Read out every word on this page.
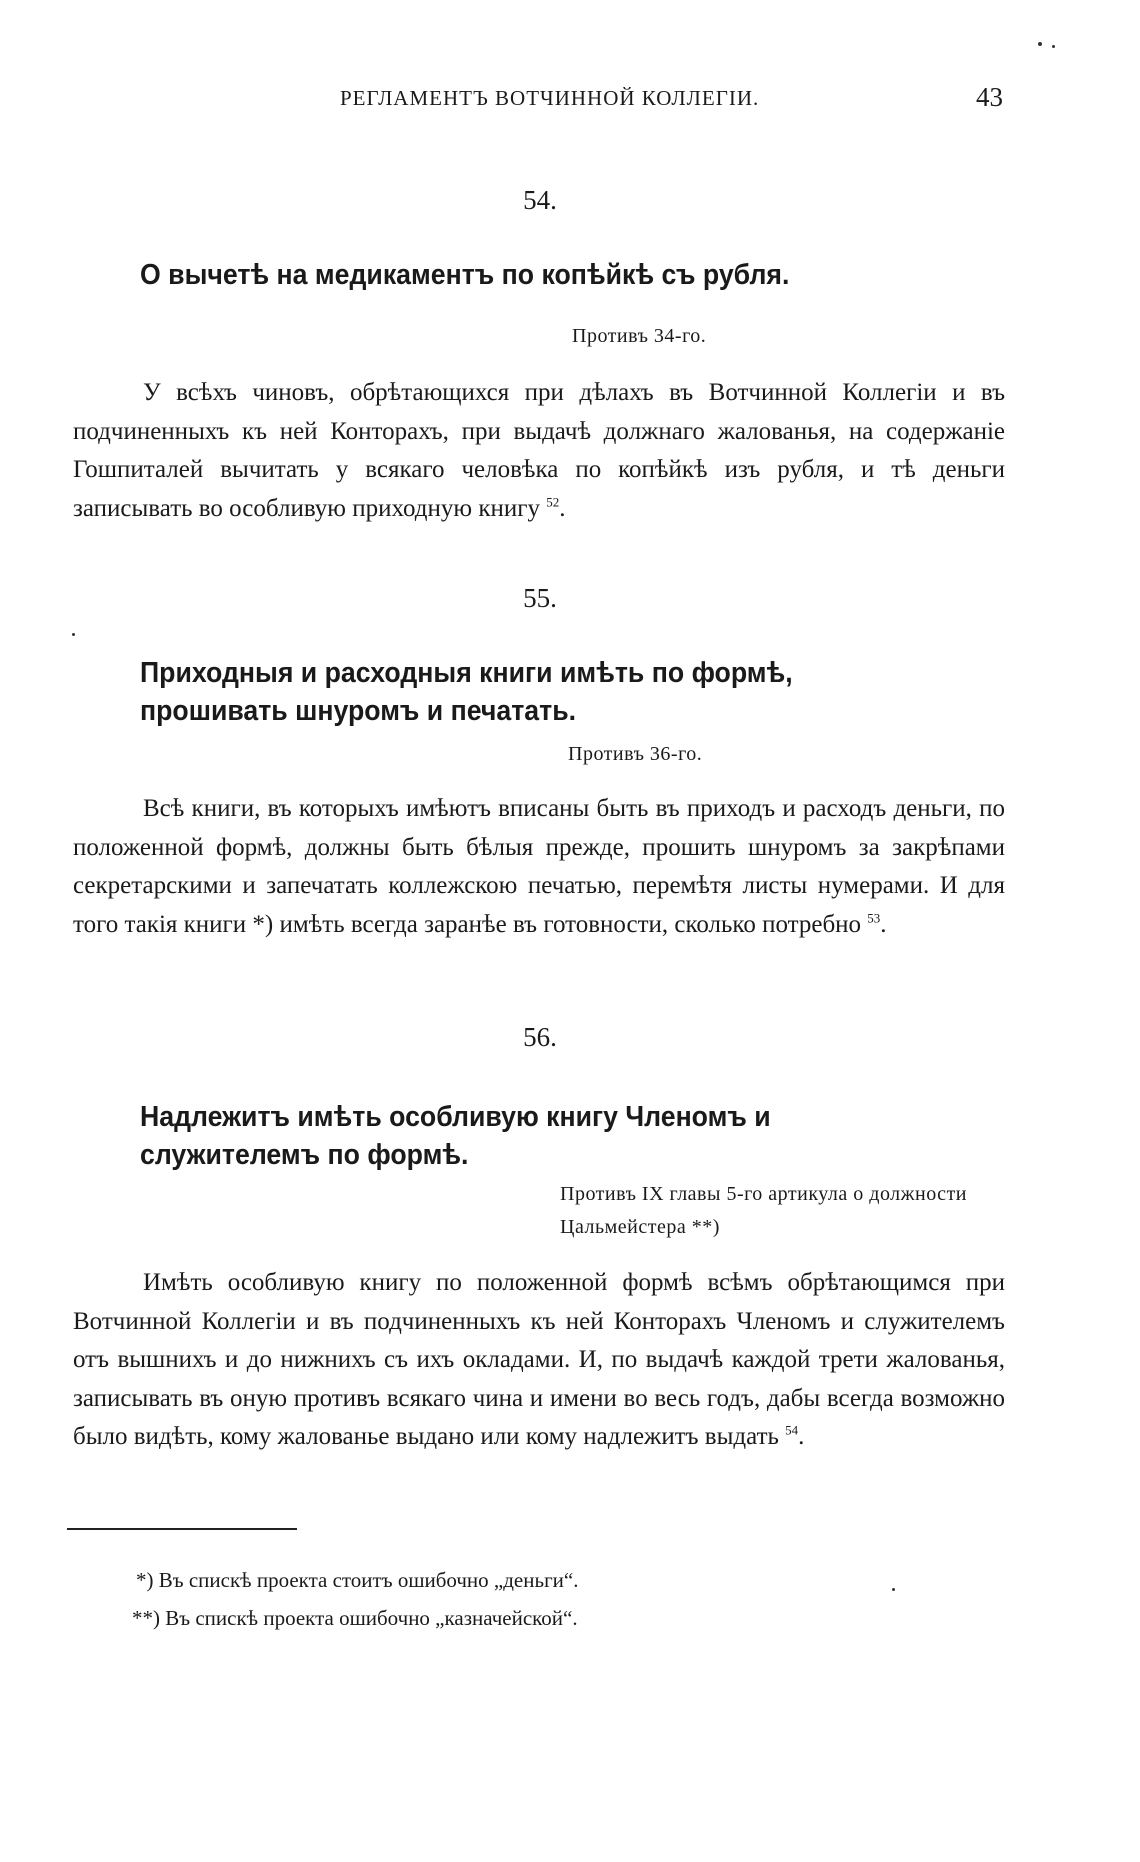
РЕГЛАМЕНТЪ ВОТЧИННОЙ КОЛЛЕГIИ.	43
54.
О вычетѣ на медикаментъ по копѣйкѣ съ рубля.
Противъ 34-го.

У всѣхъ чиновъ, обрѣтающихся при дѣлахъ въ Вотчинной Коллегiи и въ подчиненныхъ къ ней Конторахъ, при выдачѣ должнаго жалованья, на содержанiе Гошпиталей вычитать у всякаго человѣка по копѣйкѣ изъ рубля, и тѣ деньги записывать во особливую приходную книгу $^{52}$.

55.
Приходныя и расходныя книги имѣть по формѣ, прошивать шнуромъ и печатать.
Противъ 36-го.

Всѣ книги, въ которыхъ имѣютъ вписаны быть въ приходъ и расходъ деньги, по положенной формѣ, должны быть бѣлыя прежде, прошить шнуромъ за закрѣпами секретарскими и запечатать коллежскою печатью, перемѣтя листы нумерами. И для того такiя книги *) имѣть всегда заранѣе въ готовности, сколько потребно $^{53}$.

56.
Надлежитъ имѣть особливую книгу Членомъ и служителемъ по формѣ.
Противъ IX главы 5-го артикула о должности Цальмейстера **)

Имѣть особливую книгу по положенной формѣ всѣмъ обрѣтающимся при Вотчинной Коллегiи и въ подчиненныхъ къ ней Конторахъ Членомъ и служителемъ отъ вышнихъ и до нижнихъ съ ихъ окладами. И, по выдачѣ каждой трети жалованья, записывать въ оную противъ всякаго чина и имени во весь годъ, дабы всегда возможно было видѣть, кому жалованье выдано или кому надлежитъ выдать $^{54}$.

*) Въ спискѣ проекта стоитъ ошибочно „деньги“.
**) Въ спискѣ проекта ошибочно „казначейской“.
